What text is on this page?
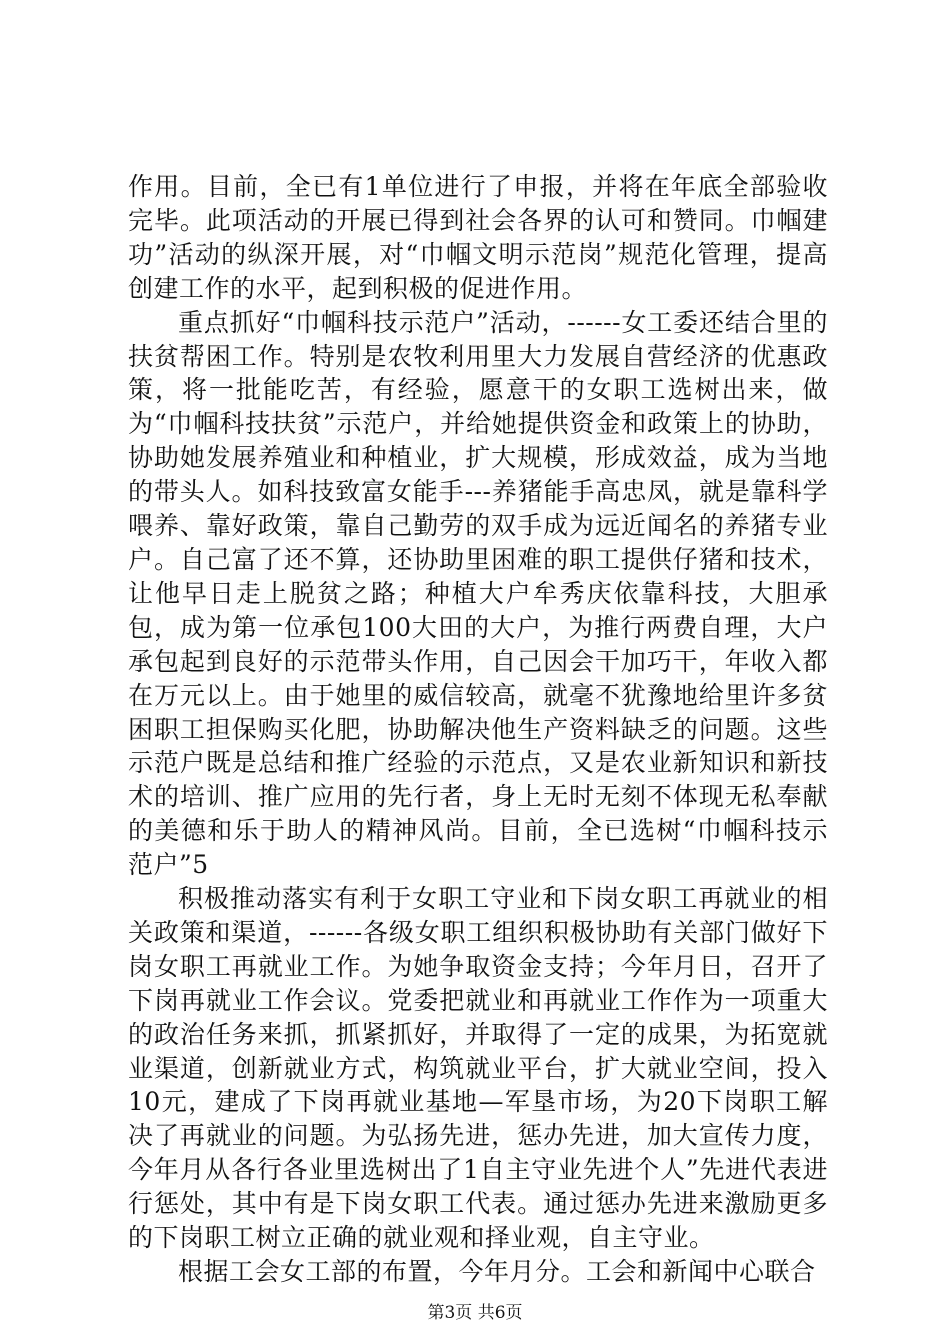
作用。目前，全已有1单位进行了申报，并将在年底全部验收完毕。此项活动的开展已得到社会各界的认可和赞同。巾帼建功”活动的纵深开展，对“巾帼文明示范岗”规范化管理，提高创建工作的水平，起到积极的促进作用。

重点抓好“巾帼科技示范户”活动，------女工委还结合里的扶贫帮困工作。特别是农牧利用里大力发展自营经济的优惠政策，将一批能吃苦，有经验，愿意干的女职工选树出来，做为“巾帼科技扶贫”示范户，并给她提供资金和政策上的协助，协助她发展养殖业和种植业，扩大规模，形成效益，成为当地的带头人。如科技致富女能手---养猪能手高忠凤，就是靠科学喂养、靠好政策，靠自己勤劳的双手成为远近闻名的养猪专业户。自己富了还不算，还协助里困难的职工提供仔猪和技术，让他早日走上脱贫之路；种植大户牟秀庆依靠科技，大胆承包，成为第一位承包100大田的大户，为推行两费自理，大户承包起到良好的示范带头作用，自己因会干加巧干，年收入都在万元以上。由于她里的威信较高，就毫不犹豫地给里许多贫困职工担保购买化肥，协助解决他生产资料缺乏的问题。这些示范户既是总结和推广经验的示范点，又是农业新知识和新技术的培训、推广应用的先行者，身上无时无刻不体现无私奉献的美德和乐于助人的精神风尚。目前，全已选树“巾帼科技示范户”5

积极推动落实有利于女职工守业和下岗女职工再就业的相关政策和渠道，------各级女职工组织积极协助有关部门做好下岗女职工再就业工作。为她争取资金支持；今年月日，召开了下岗再就业工作会议。党委把就业和再就业工作作为一项重大的政治任务来抓，抓紧抓好，并取得了一定的成果，为拓宽就业渠道，创新就业方式，构筑就业平台，扩大就业空间，投入10元，建成了下岗再就业基地—军垦市场，为20下岗职工解决了再就业的问题。为弘扬先进，惩办先进，加大宣传力度，今年月从各行各业里选树出了1自主守业先进个人”先进代表进行惩处，其中有是下岗女职工代表。通过惩办先进来激励更多的下岗职工树立正确的就业观和择业观，自主守业。

根据工会女工部的布置，今年月分。工会和新闻中心联合

第3页 共6页
